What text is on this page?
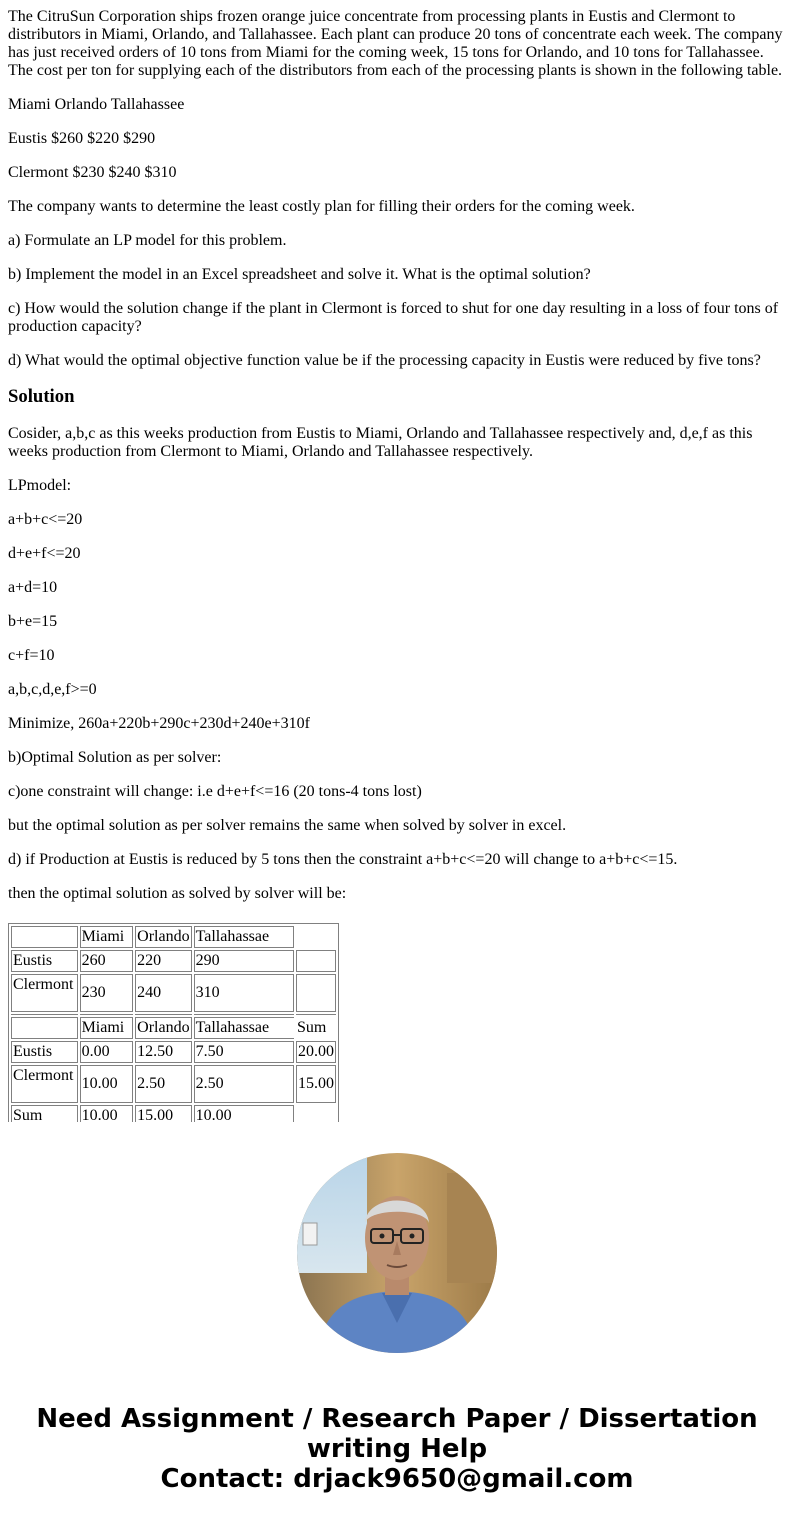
The CitruSun Corporation ships frozen orange juice concentrate from processing plants in Eustis and Clermont to distributors in Miami, Orlando, and Tallahassee. Each plant can produce 20 tons of concentrate each week. The company has just received orders of 10 tons from Miami for the coming week, 15 tons for Orlando, and 10 tons for Tallahassee. The cost per ton for supplying each of the distributors from each of the processing plants is shown in the following table.

Miami Orlando Tallahassee

Eustis $260 $220 $290

Clermont $230 $240 $310

The company wants to determine the least costly plan for filling their orders for the coming week.

a) Formulate an LP model for this problem.

b) Implement the model in an Excel spreadsheet and solve it. What is the optimal solution?

c) How would the solution change if the plant in Clermont is forced to shut for one day resulting in a loss of four tons of production capacity?

d) What would the optimal objective function value be if the processing capacity in Eustis were reduced by five tons?

Solution

Cosider, a,b,c as this weeks production from Eustis to Miami, Orlando and Tallahassee respectively and, d,e,f as this weeks production from Clermont to Miami, Orlando and Tallahassee respectively.

LPmodel:

a+b+c<=20

d+e+f<=20

a+d=10

b+e=15

c+f=10

a,b,c,d,e,f>=0

Minimize, 260a+220b+290c+230d+240e+310f

b)Optimal Solution as per solver:

c)one constraint will change: i.e d+e+f<=16 (20 tons-4 tons lost)

but the optimal solution as per solver remains the same when solved by solver in excel.

d) if Production at Eustis is reduced by 5 tons then the constraint a+b+c<=20 will change to a+b+c<=15.

then the optimal solution as solved by solver will be:

	Miami	Orlando	Tallahassae	
Eustis	260	220	290	
Clermont	230	240	310	

	Miami	Orlando	Tallahassae	Sum
Eustis	0.00	12.50	7.50	20.00
Clermont	10.00	2.50	2.50	15.00
Sum	10.00	15.00	10.00	

Need Assignment / Research Paper / Dissertation
writing Help
Contact: drjack9650@gmail.com
